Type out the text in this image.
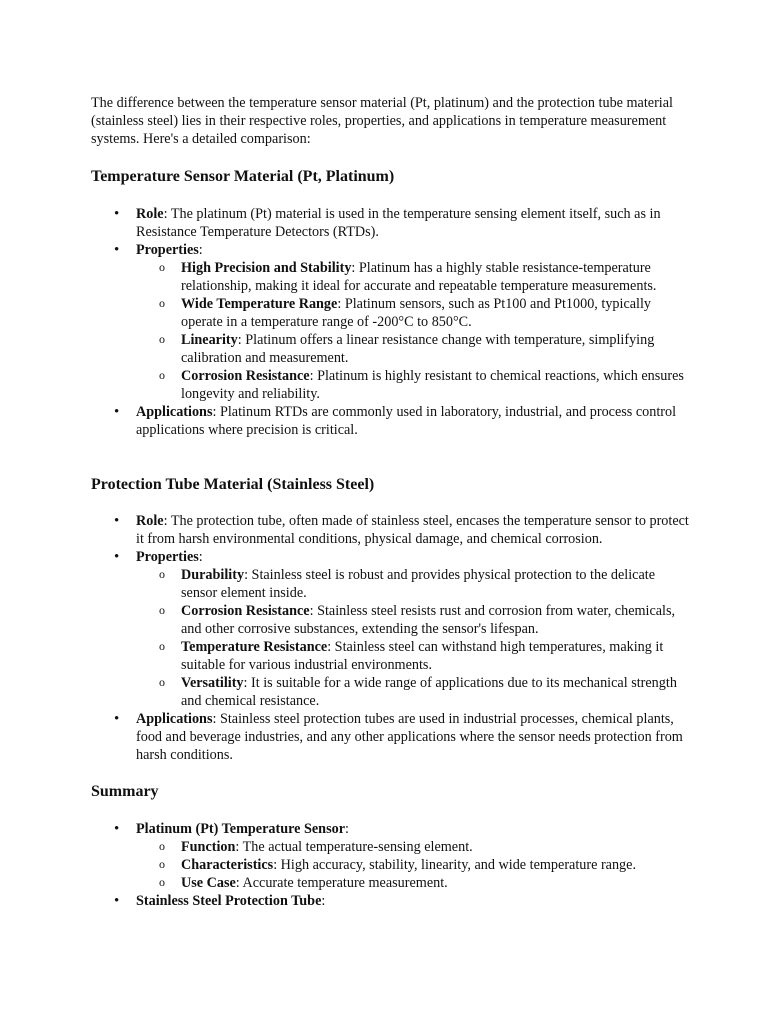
The difference between the temperature sensor material (Pt, platinum) and the protection tube material (stainless steel) lies in their respective roles, properties, and applications in temperature measurement systems. Here's a detailed comparison:

Temperature Sensor Material (Pt, Platinum)
• Role: The platinum (Pt) material is used in the temperature sensing element itself, such as in Resistance Temperature Detectors (RTDs).
• Properties:
o High Precision and Stability: Platinum has a highly stable resistance-temperature relationship, making it ideal for accurate and repeatable temperature measurements.
o Wide Temperature Range: Platinum sensors, such as Pt100 and Pt1000, typically operate in a temperature range of -200°C to 850°C.
o Linearity: Platinum offers a linear resistance change with temperature, simplifying calibration and measurement.
o Corrosion Resistance: Platinum is highly resistant to chemical reactions, which ensures longevity and reliability.
• Applications: Platinum RTDs are commonly used in laboratory, industrial, and process control applications where precision is critical.
Protection Tube Material (Stainless Steel)
• Role: The protection tube, often made of stainless steel, encases the temperature sensor to protect it from harsh environmental conditions, physical damage, and chemical corrosion.
• Properties:
o Durability: Stainless steel is robust and provides physical protection to the delicate sensor element inside.
o Corrosion Resistance: Stainless steel resists rust and corrosion from water, chemicals, and other corrosive substances, extending the sensor's lifespan.
o Temperature Resistance: Stainless steel can withstand high temperatures, making it suitable for various industrial environments.
o Versatility: It is suitable for a wide range of applications due to its mechanical strength and chemical resistance.
• Applications: Stainless steel protection tubes are used in industrial processes, chemical plants, food and beverage industries, and any other applications where the sensor needs protection from harsh conditions.
Summary
• Platinum (Pt) Temperature Sensor:
o Function: The actual temperature-sensing element.
o Characteristics: High accuracy, stability, linearity, and wide temperature range.
o Use Case: Accurate temperature measurement.
• Stainless Steel Protection Tube:
